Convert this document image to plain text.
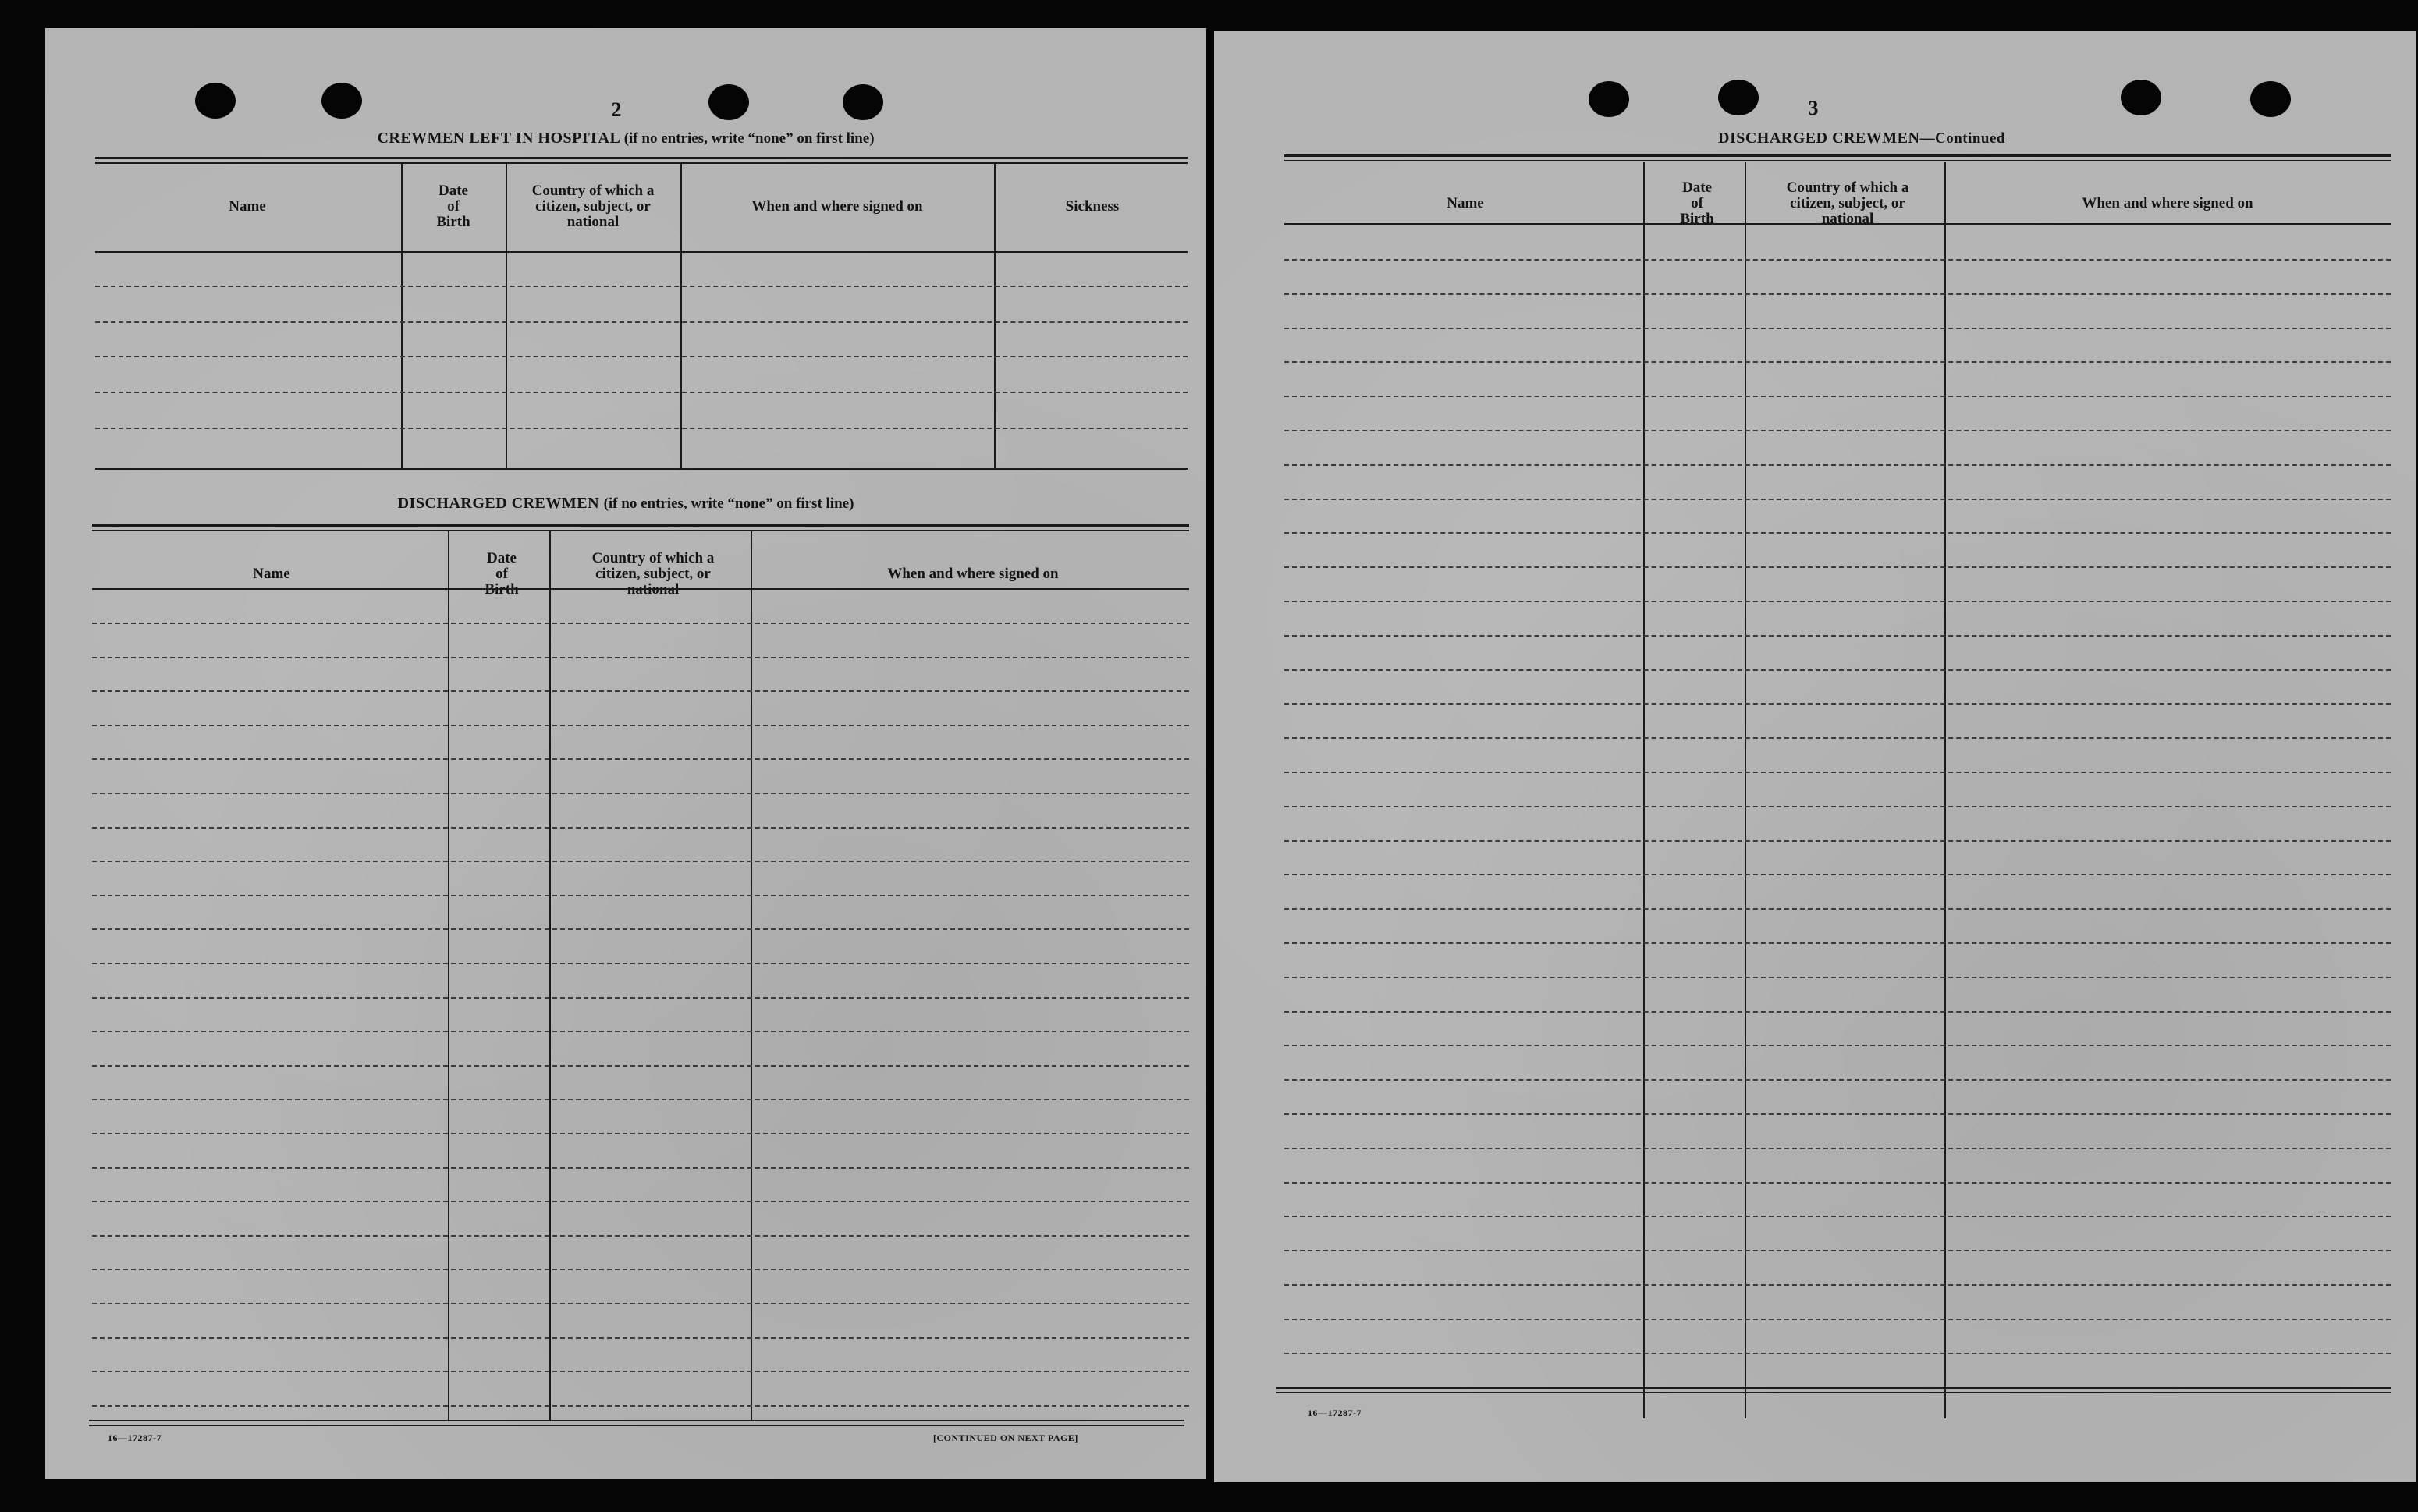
2
CREWMEN LEFT IN HOSPITAL (if no entries, write “none” on first line)
Name
Date
of
Birth
Country of which a
citizen, subject, or
national
When and where signed on	Sickness
DISCHARGED CREWMEN (if no entries, write “none” on first line)
Name
Date
of
Birth
Country of which a
citizen, subject, or
national
When and where signed on
16—17287-7	[CONTINUED ON NEXT PAGE]
3
DISCHARGED CREWMEN—Continued
Name
Date
of
Birth
Country of which a
citizen, subject, or
national
When and where signed on
16—17287-7
